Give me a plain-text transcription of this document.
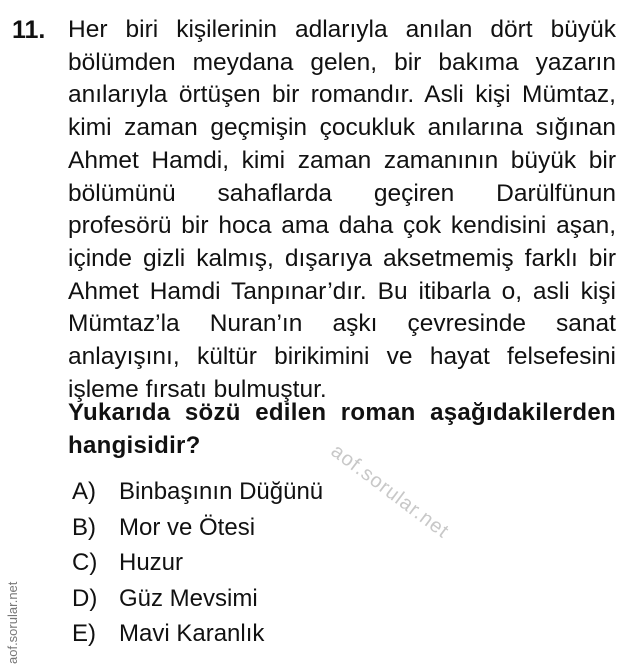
11. Her biri kişilerinin adlarıyla anılan dört büyük bölümden meydana gelen, bir bakıma yazarın anılarıyla örtüşen bir romandır. Asli kişi Mümtaz, kimi zaman geçmişin çocukluk anılarına sığınan Ahmet Hamdi, kimi zaman zamanının büyük bir bölümünü sahaflarda geçiren Darülfünun profesörü bir hoca ama daha çok kendisini aşan, içinde gizli kalmış, dışarıya aksetmemiş farklı bir Ahmet Hamdi Tanpınar’dır. Bu itibarla o, asli kişi Mümtaz’la Nuran’ın aşkı çevresinde sanat anlayışını, kültür birikimini ve hayat felsefesini işleme fırsatı bulmuştur.

Yukarıda sözü edilen roman aşağıdakilerden hangisidir?

A) Binbaşının Düğünü
B) Mor ve Ötesi
C) Huzur
D) Güz Mevsimi
E) Mavi Karanlık
aof.sorular.net
aof.sorular.net
